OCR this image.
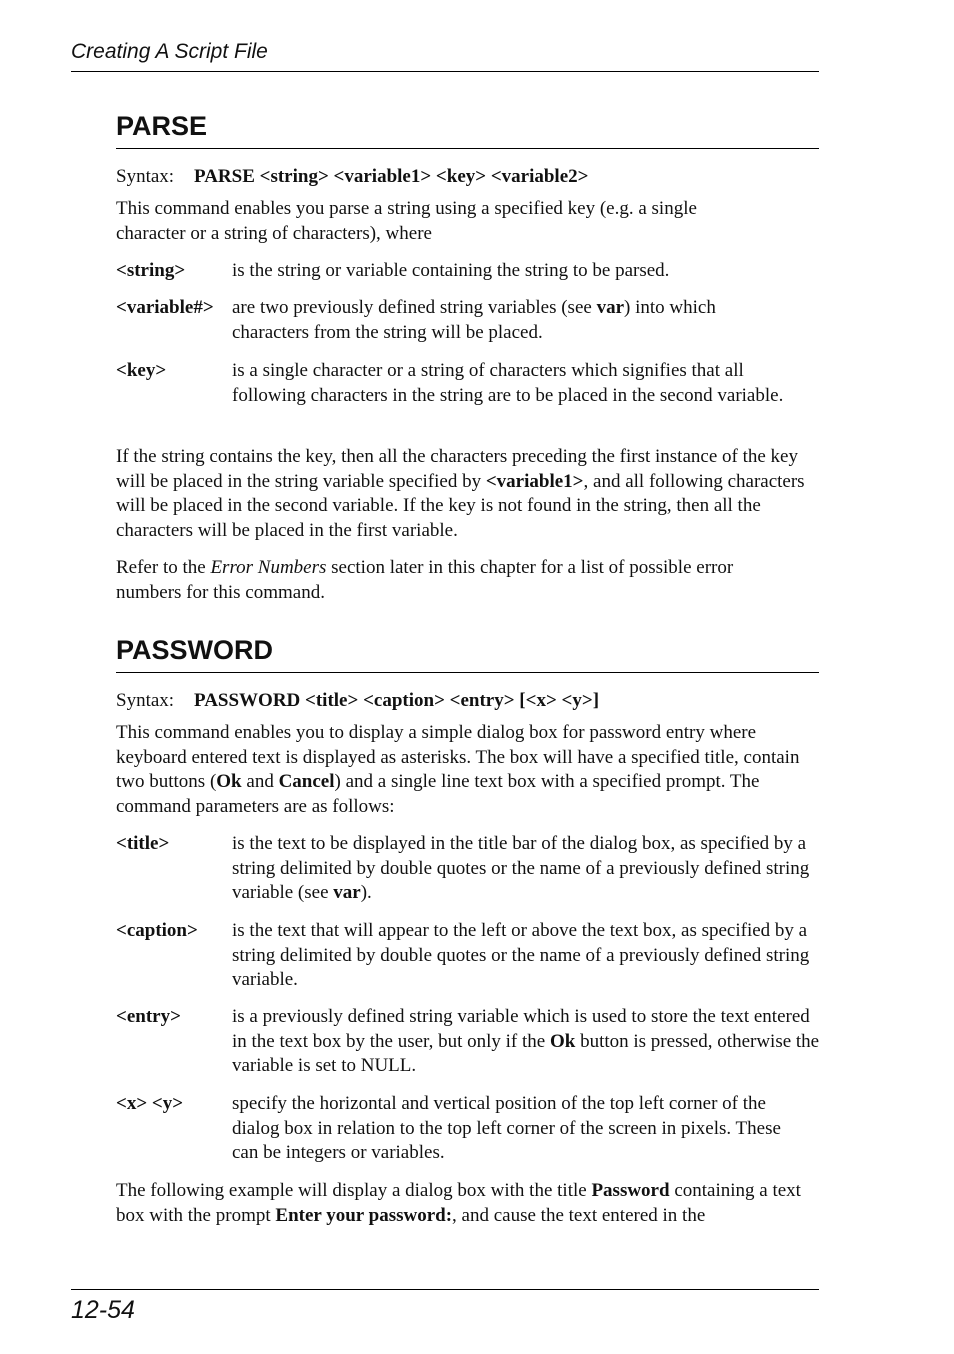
Creating A Script File
PARSE
Syntax: PARSE <string> <variable1> <key> <variable2>
This command enables you parse a string using a specified key (e.g. a single character or a string of characters), where
<string> is the string or variable containing the string to be parsed.
<variable#> are two previously defined string variables (see var) into which characters from the string will be placed.
<key>	is a single character or a string of characters which signifies that all following characters in the string are to be placed in the second variable.
If the string contains the key, then all the characters preceding the first instance of the key will be placed in the string variable specified by <variable1>, and all following characters will be placed in the second variable. If the key is not found in the string, then all the characters will be placed in the first variable.
Refer to the Error Numbers section later in this chapter for a list of possible error numbers for this command.
PASSWORD
Syntax: PASSWORD <title> <caption> <entry> [<x> <y>]
This command enables you to display a simple dialog box for password entry where keyboard entered text is displayed as asterisks. The box will have a specified title, contain two buttons (Ok and Cancel) and a single line text box with a specified prompt. The command parameters are as follows:
<title>	is the text to be displayed in the title bar of the dialog box, as specified by a string delimited by double quotes or the name of a previously defined string variable (see var).
<caption> is the text that will appear to the left or above the text box, as specified by a string delimited by double quotes or the name of a previously defined string variable.
<entry>	is a previously defined string variable which is used to store the text entered in the text box by the user, but only if the Ok button is pressed, otherwise the variable is set to NULL.
<x> <y>	specify the horizontal and vertical position of the top left corner of the dialog box in relation to the top left corner of the screen in pixels. These can be integers or variables.
The following example will display a dialog box with the title Password containing a text box with the prompt Enter your password:, and cause the text entered in the
12-54
